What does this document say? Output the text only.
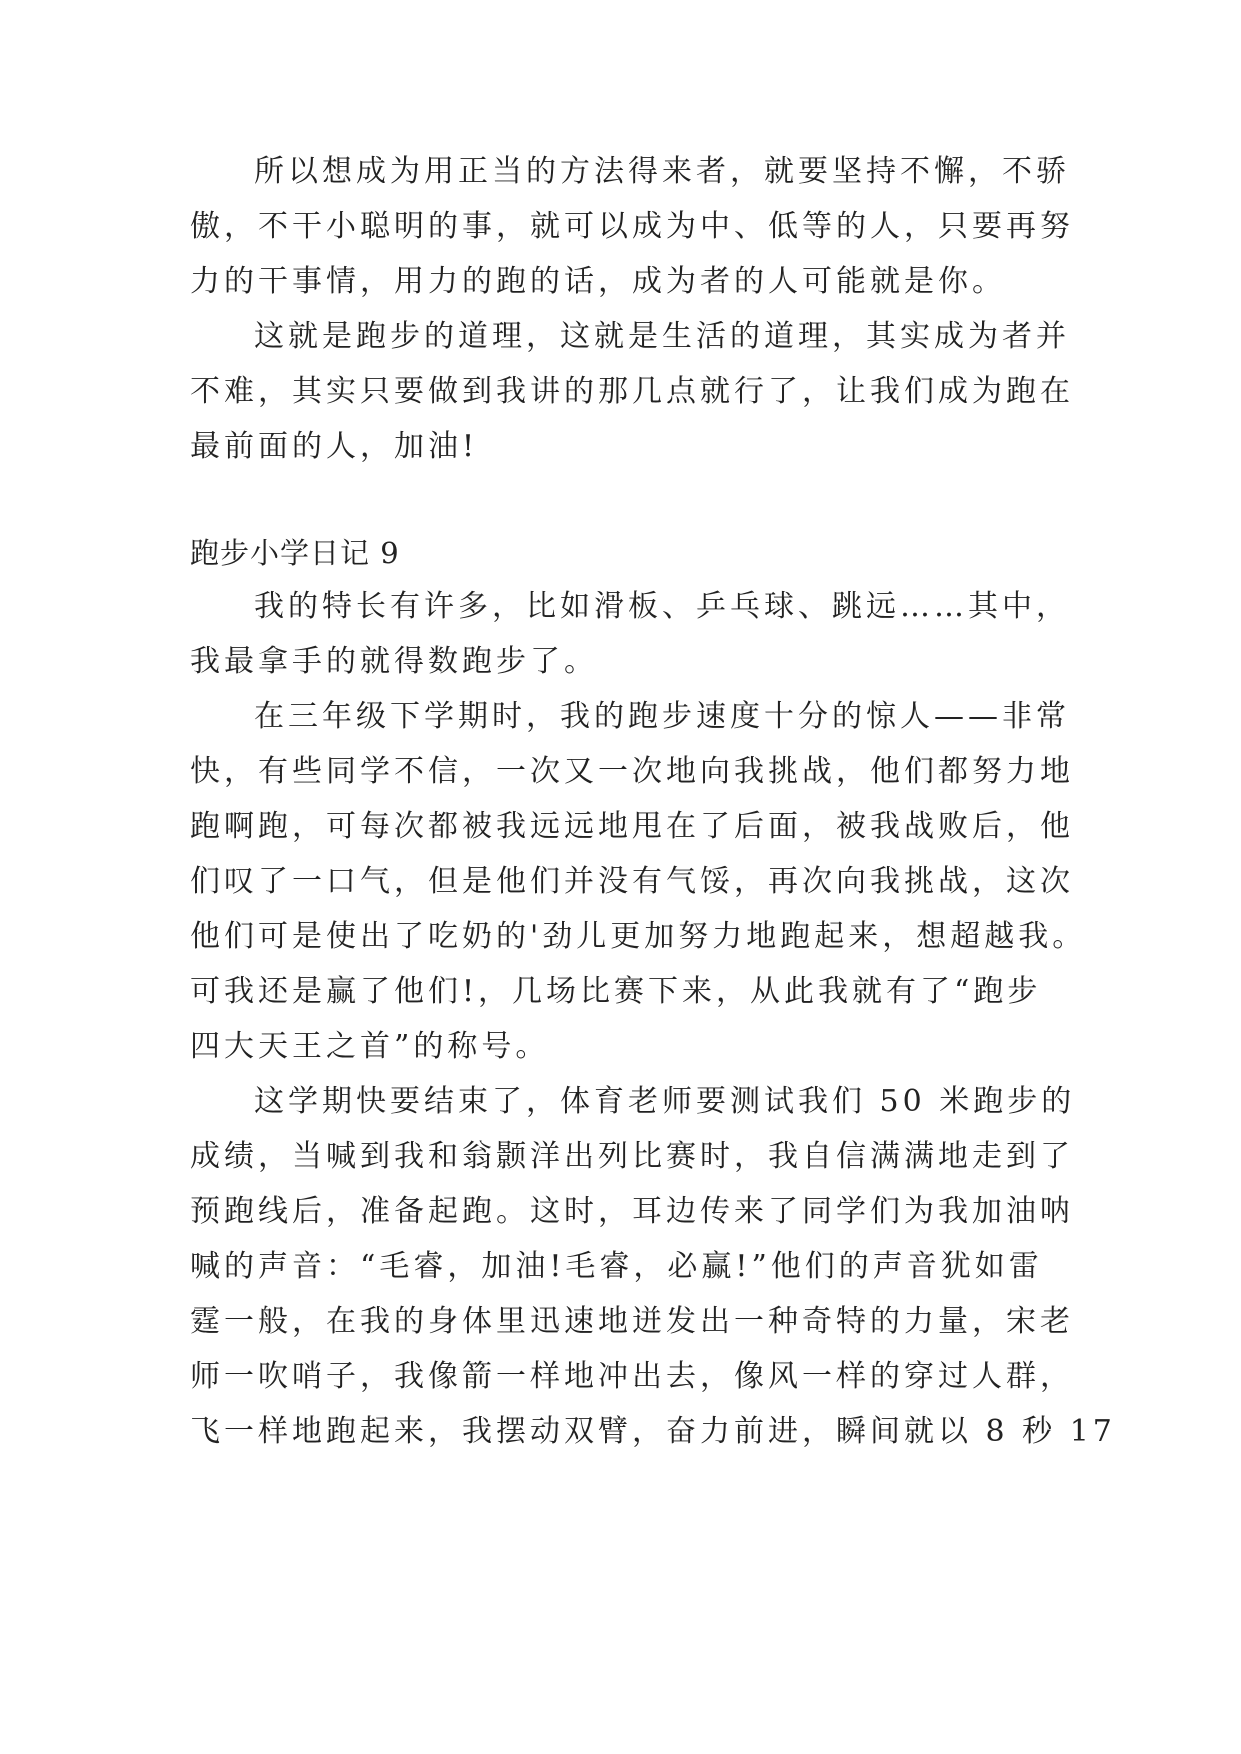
所以想成为用正当的方法得来者，就要坚持不懈，不骄
傲，不干小聪明的事，就可以成为中、低等的人，只要再努
力的干事情，用力的跑的话，成为者的人可能就是你。
这就是跑步的道理，这就是生活的道理，其实成为者并
不难，其实只要做到我讲的那几点就行了，让我们成为跑在
最前面的人，加油!
跑步小学日记 9
我的特长有许多，比如滑板、乒乓球、跳远……其中，
我最拿手的就得数跑步了。
在三年级下学期时，我的跑步速度十分的惊人——非常
快，有些同学不信，一次又一次地向我挑战，他们都努力地
跑啊跑，可每次都被我远远地甩在了后面，被我战败后，他
们叹了一口气，但是他们并没有气馁，再次向我挑战，这次
他们可是使出了吃奶的'劲儿更加努力地跑起来，想超越我。
可我还是赢了他们!，几场比赛下来，从此我就有了“跑步
四大天王之首”的称号。
这学期快要结束了，体育老师要测试我们 50 米跑步的
成绩，当喊到我和翁颢洋出列比赛时，我自信满满地走到了
预跑线后，准备起跑。这时，耳边传来了同学们为我加油呐
喊的声音：“毛睿，加油!毛睿，必赢!”他们的声音犹如雷
霆一般，在我的身体里迅速地迸发出一种奇特的力量，宋老
师一吹哨子，我像箭一样地冲出去，像风一样的穿过人群，
飞一样地跑起来，我摆动双臂，奋力前进，瞬间就以 8 秒 17
